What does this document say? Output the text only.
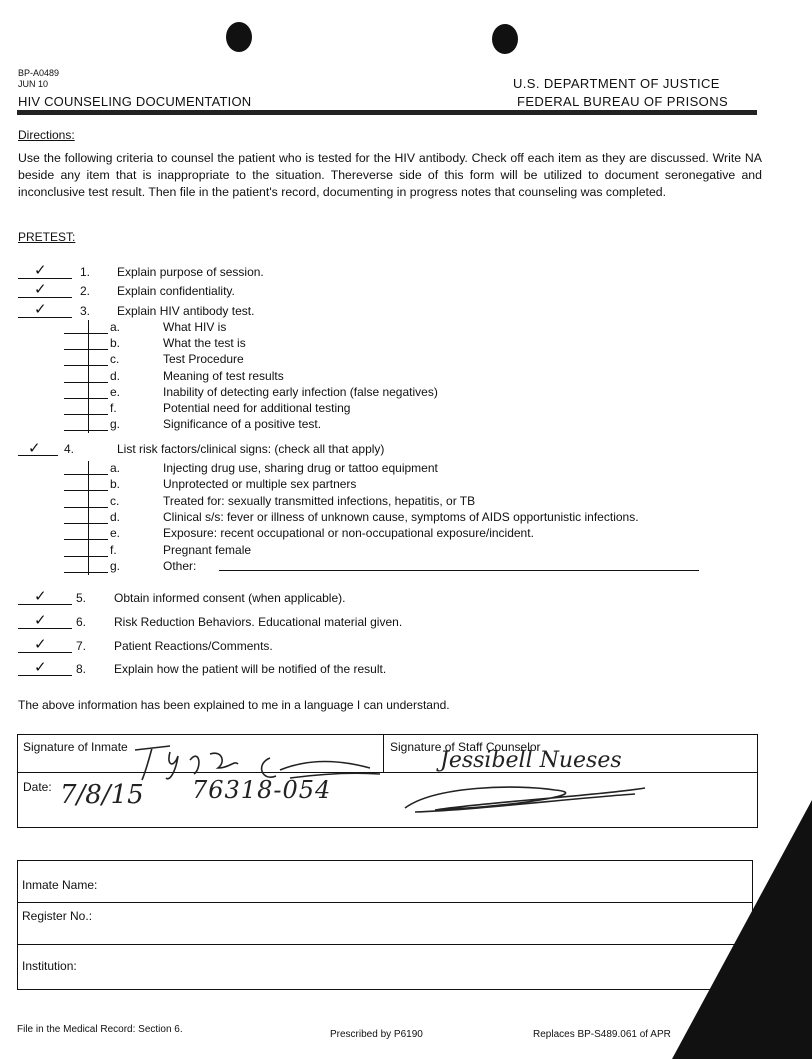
BP-A0489
JUN 10
HIV COUNSELING DOCUMENTATION
U.S. DEPARTMENT OF JUSTICE
FEDERAL BUREAU OF PRISONS
Directions:
Use the following criteria to counsel the patient who is tested for the HIV antibody. Check off each item as they are discussed. Write NA beside any item that is inappropriate to the situation. Thereverse side of this form will be utilized to document seronegative and inconclusive test result. Then file in the patient's record, documenting in progress notes that counseling was completed.
PRETEST:
✓	1. Explain purpose of session.
✓	2. Explain confidentiality.
✓	3. Explain HIV antibody test.
a.	What HIV is
b.	What the test is
c.	Test Procedure
d.	Meaning of test results
e.	Inability of detecting early infection (false negatives)
f.	Potential need for additional testing
g.	Significance of a positive test.
✓ 4.	List risk factors/clinical signs: (check all that apply)
a.	Injecting drug use, sharing drug or tattoo equipment
b.	Unprotected or multiple sex partners
c.	Treated for: sexually transmitted infections, hepatitis, or TB
d.	Clinical s/s: fever or illness of unknown cause, symptoms of AIDS opportunistic infections.
e.	Exposure: recent occupational or non-occupational exposure/incident.
f.	Pregnant female
g.	Other:
✓ 5. Obtain informed consent (when applicable).
✓ 6. Risk Reduction Behaviors. Educational material given.
✓ 7. Patient Reactions/Comments.
✓ 8. Explain how the patient will be notified of the result.
The above information has been explained to me in a language I can understand.
Signature of Inmate	Signature of Staff Counselor
Date:
Jessibell Nueses
7/8/15 76318-054
Inmate Name:
Register No.:
Institution:
File in the Medical Record: Section 6.	Prescribed by P6190	Replaces BP-S489.061 of APR
